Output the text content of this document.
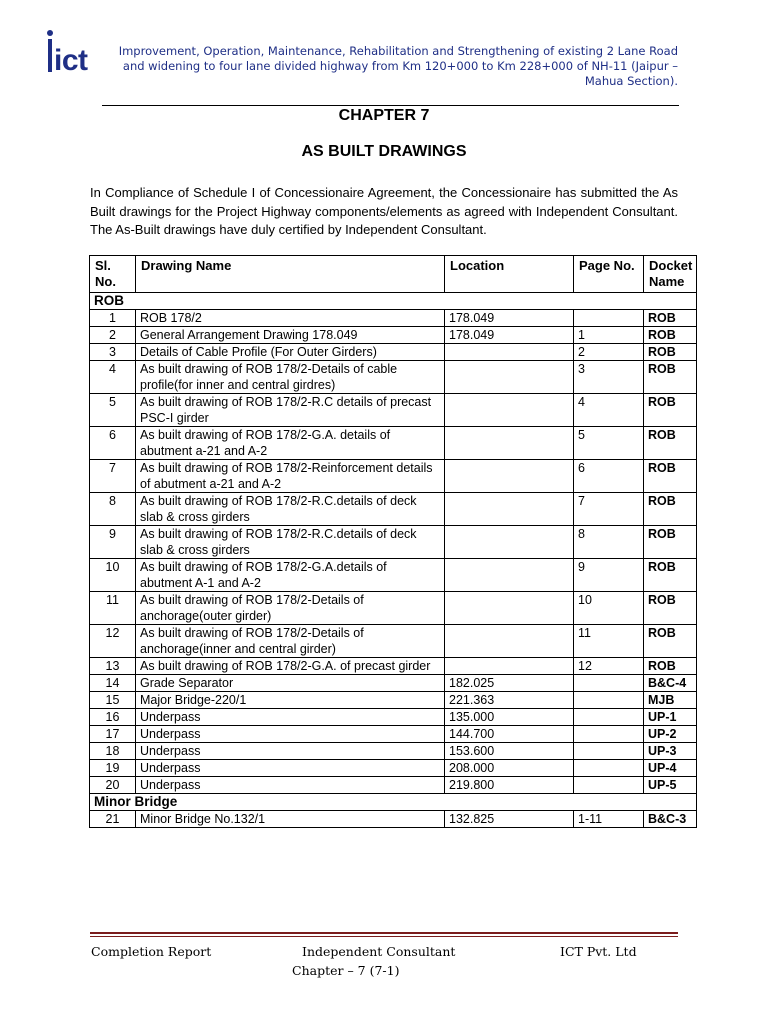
ict	Improvement, Operation, Maintenance, Rehabilitation and Strengthening of existing 2 Lane Road and widening to four lane divided highway from Km 120+000 to Km 228+000 of NH-11 (Jaipur – Mahua Section).
CHAPTER 7
AS BUILT DRAWINGS
In Compliance of Schedule I of Concessionaire Agreement, the Concessionaire has submitted the As Built drawings for the Project Highway components/elements as agreed with Independent Consultant. The As-Built drawings have duly certified by Independent Consultant.
Sl. No.	Drawing Name	Location	Page No.	Docket Name
ROB				
1	ROB 178/2	178.049		ROB
2	General Arrangement Drawing 178.049	178.049	1	ROB
3	Details of Cable Profile (For Outer Girders)		2	ROB
4	As built drawing of ROB 178/2-Details of cable profile(for inner and central girdres)		3	ROB
5	As built drawing of ROB 178/2-R.C details of precast PSC-I girder		4	ROB
6	As built drawing of ROB 178/2-G.A. details of abutment a-21 and A-2		5	ROB
7	As built drawing of ROB 178/2-Reinforcement details of abutment a-21 and A-2		6	ROB
8	As built drawing of ROB 178/2-R.C.details of deck slab & cross girders		7	ROB
9	As built drawing of ROB 178/2-R.C.details of deck slab & cross girders		8	ROB
10	As built drawing of ROB 178/2-G.A.details of abutment A-1 and A-2		9	ROB
11	As built drawing of ROB 178/2-Details of anchorage(outer girder)		10	ROB
12	As built drawing of ROB 178/2-Details of anchorage(inner and central girder)		11	ROB
13	As built drawing of ROB 178/2-G.A. of precast girder		12	ROB
14	Grade Separator	182.025		B&C-4
15	Major Bridge-220/1	221.363		MJB
16	Underpass	135.000		UP-1
17	Underpass	144.700		UP-2
18	Underpass	153.600		UP-3
19	Underpass	208.000		UP-4
20	Underpass	219.800		UP-5
Minor Bridge				
21	Minor Bridge No.132/1	132.825	1-11	B&C-3
Completion Report	Independent Consultant	ICT Pvt. Ltd
Chapter – 7 (7-1)
